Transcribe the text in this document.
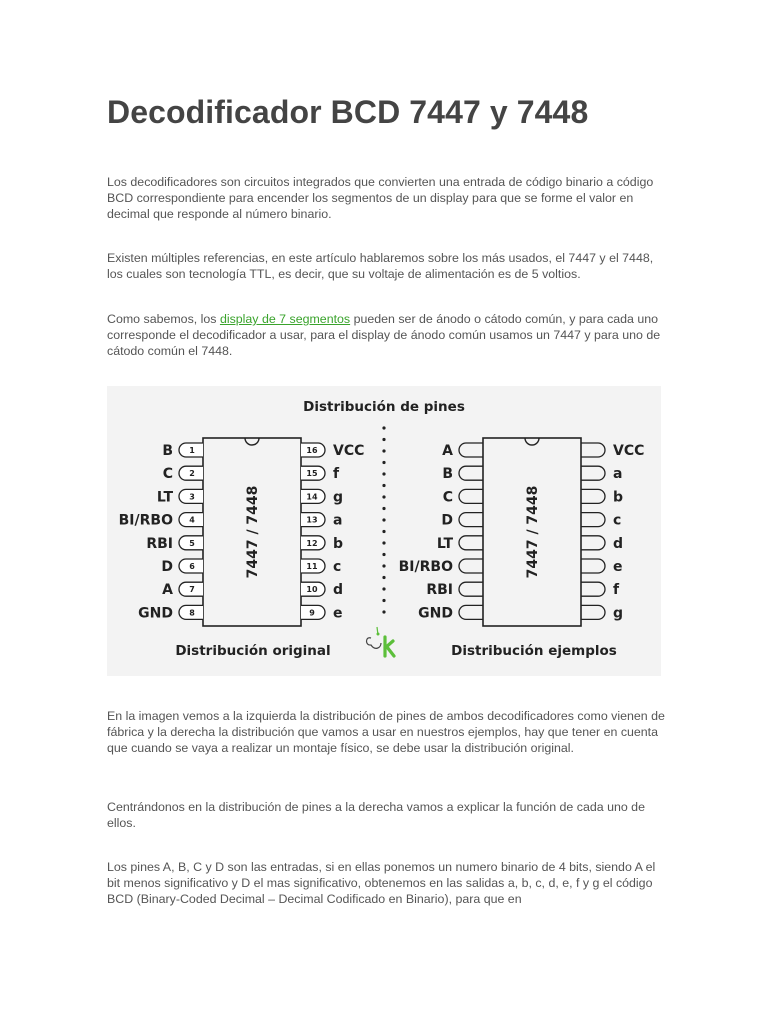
Decodificador BCD 7447 y 7448

Los decodificadores son circuitos integrados que convierten una entrada de código binario a código BCD correspondiente para encender los segmentos de un display para que se forme el valor en decimal que responde al número binario.

Existen múltiples referencias, en este artículo hablaremos sobre los más usados, el 7447 y el 7448, los cuales son tecnología TTL, es decir, que su voltaje de alimentación es de 5 voltios.

Como sabemos, los display de 7 segmentos pueden ser de ánodo o cátodo común, y para cada uno corresponde el decodificador a usar, para el display de ánodo común usamos un 7447 y para uno de cátodo común el 7448.

Distribución de pines
7447 / 7448
1
B
2
C
3
LT
4
BI/RBO
5
RBI
6
D
7
A
8
GND
16 VCC
15 f
14 g
13 a
12 b
11 c
10 d
9 e
7447 / 7448
A
B
C
D
LT
BI/RBO
RBI
GND
VCC
a
b
c
d
e
f
g
Distribución original	Distribución ejemplos

En la imagen vemos a la izquierda la distribución de pines de ambos decodificadores como vienen de fábrica y la derecha la distribución que vamos a usar en nuestros ejemplos, hay que tener en cuenta que cuando se vaya a realizar un montaje físico, se debe usar la distribución original.

Centrándonos en la distribución de pines a la derecha vamos a explicar la función de cada uno de ellos.

Los pines A, B, C y D son las entradas, si en ellas ponemos un numero binario de 4 bits, siendo A el bit menos significativo y D el mas significativo, obtenemos en las salidas a, b, c, d, e, f y g el código BCD (Binary-Coded Decimal – Decimal Codificado en Binario), para que en
